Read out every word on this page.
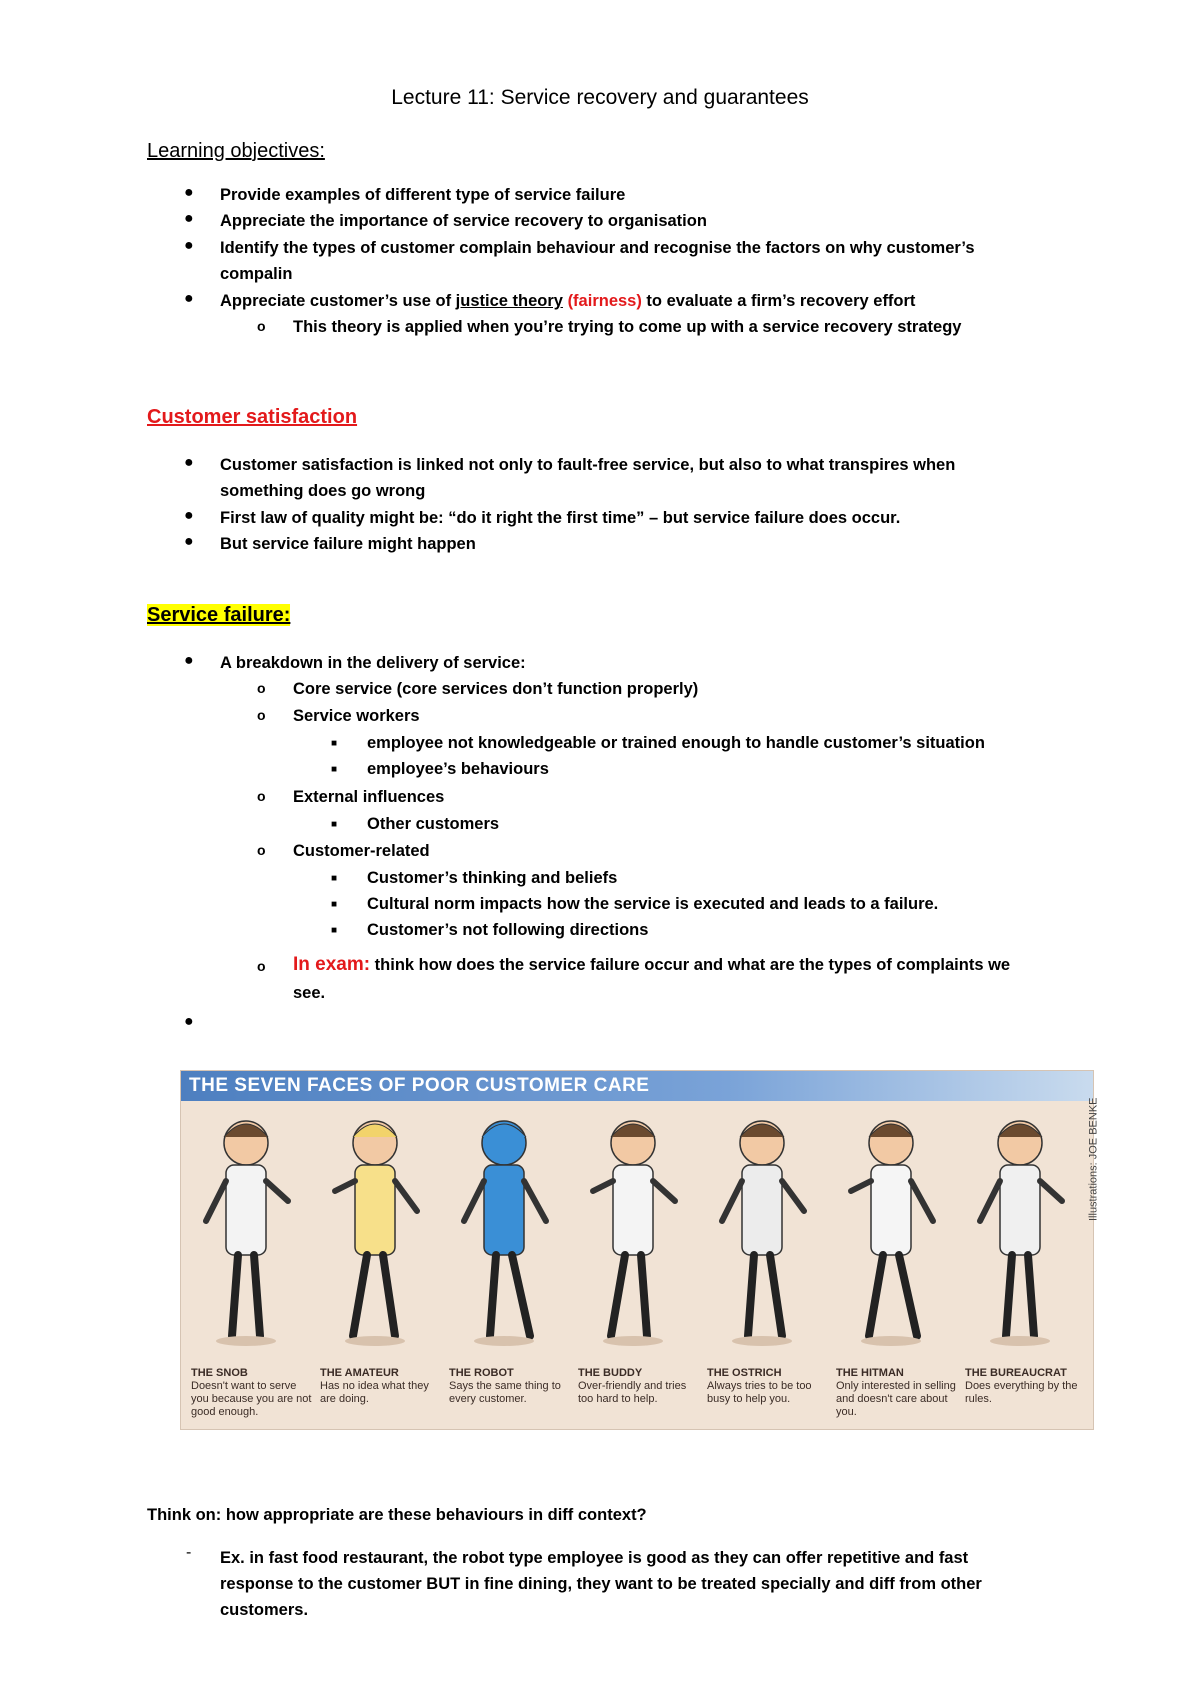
Lecture 11: Service recovery and guarantees
Learning objectives:
● Provide examples of different type of service failure
● Appreciate the importance of service recovery to organisation
● Identify the types of customer complain behaviour and recognise the factors on why customer’s
compalin
● Appreciate customer’s use of justice theory (fairness) to evaluate a firm’s recovery effort
o This theory is applied when you’re trying to come up with a service recovery strategy
Customer satisfaction
● Customer satisfaction is linked not only to fault-free service, but also to what transpires when
something does go wrong
● First law of quality might be: “do it right the first time” – but service failure does occur.
● But service failure might happen
Service failure:
● A breakdown in the delivery of service:
o Core service (core services don’t function properly)
o Service workers
■ employee not knowledgeable or trained enough to handle customer’s situation
■ employee’s behaviours
o External influences
■ Other customers
o Customer-related
■ Customer’s thinking and beliefs
■ Cultural norm impacts how the service is executed and leads to a failure.
■ Customer’s not following directions
o In exam: think how does the service failure occur and what are the types of complaints we
see.
●
THE SEVEN FACES OF POOR CUSTOMER CARE
Illustrations: JOE BENKE
THE SNOB
Doesn't want to serve you because you are not good enough.
THE AMATEUR
Has no idea what they are doing.
THE ROBOT
Says the same thing to every customer.
THE BUDDY
Over-friendly and tries too hard to help.
THE OSTRICH
Always tries to be too busy to help you.
THE HITMAN
Only interested in selling and doesn't care about you.
THE BUREAUCRAT
Does everything by the rules.
Think on: how appropriate are these behaviours in diff context?
- Ex. in fast food restaurant, the robot type employee is good as they can offer repetitive and fast
response to the customer BUT in fine dining, they want to be treated specially and diff from other
customers.
